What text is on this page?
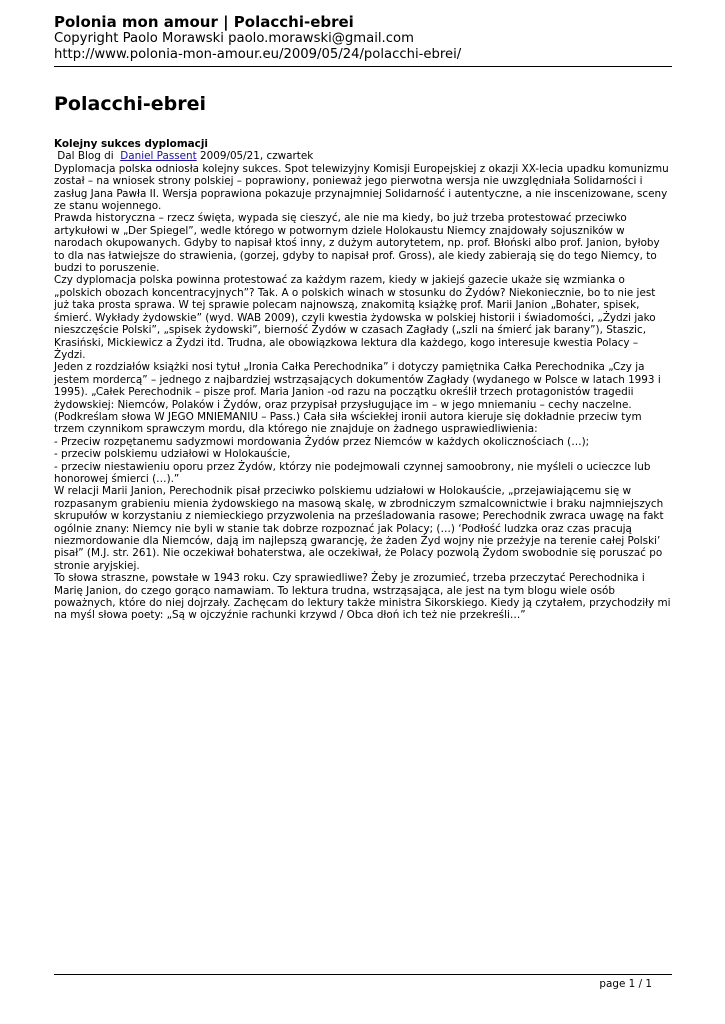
Polonia mon amour | Polacchi-ebrei
Copyright Paolo Morawski paolo.morawski@gmail.com
http://www.polonia-mon-amour.eu/2009/05/24/polacchi-ebrei/
Polacchi-ebrei

Kolejny sukces dyplomacji

Dal Blog di  Daniel Passent 2009/05/21, czwartek

Dyplomacja polska odniosła kolejny sukces. Spot telewizyjny Komisji Europejskiej z okazji XX-lecia upadku komunizmu został – na wniosek strony polskiej – poprawiony, ponieważ jego pierwotna wersja nie uwzględniała Solidarności i zasług Jana Pawła II. Wersja poprawiona pokazuje przynajmniej Solidarność i autentyczne, a nie inscenizowane, sceny ze stanu wojennego.

Prawda historyczna – rzecz święta, wypada się cieszyć, ale nie ma kiedy, bo już trzeba protestować przeciwko artykułowi w „Der Spiegel”, wedle którego w potwornym dziele Holokaustu Niemcy znajdowały sojuszników w narodach okupowanych. Gdyby to napisał ktoś inny, z dużym autorytetem, np. prof. Błoński albo prof. Janion, byłoby to dla nas łatwiejsze do strawienia, (gorzej, gdyby to napisał prof. Gross), ale kiedy zabierają się do tego Niemcy, to budzi to poruszenie.

Czy dyplomacja polska powinna protestować za każdym razem, kiedy w jakiejś gazecie ukaże się wzmianka o „polskich obozach koncentracyjnych”? Tak. A o polskich winach w stosunku do Żydów? Niekoniecznie, bo to nie jest już taka prosta sprawa. W tej sprawie polecam najnowszą, znakomitą książkę prof. Marii Janion „Bohater, spisek, śmierć. Wykłady żydowskie” (wyd. WAB 2009), czyli kwestia żydowska w polskiej historii i świadomości, „Żydzi jako nieszczęście Polski”, „spisek żydowski”, bierność Żydów w czasach Zagłady („szli na śmierć jak barany”), Staszic, Krasiński, Mickiewicz a Żydzi itd. Trudna, ale obowiązkowa lektura dla każdego, kogo interesuje kwestia Polacy – Żydzi.

Jeden z rozdziałów książki nosi tytuł „Ironia Całka Perechodnika” i dotyczy pamiętnika Całka Perechodnika „Czy ja jestem mordercą” – jednego z najbardziej wstrząsających dokumentów Zagłady (wydanego w Polsce w latach 1993 i 1995). „Całek Perechodnik – pisze prof. Maria Janion -od razu na początku określił trzech protagonistów tragedii żydowskiej: Niemców, Polaków i Żydów, oraz przypisał przysługujące im – w jego mniemaniu – cechy naczelne. (Podkreślam słowa W JEGO MNIEMANIU – Pass.) Cała siła wściekłej ironii autora kieruje się dokładnie przeciw tym trzem czynnikom sprawczym mordu, dla którego nie znajduje on żadnego usprawiedliwienia:

- Przeciw rozpętanemu sadyzmowi mordowania Żydów przez Niemców w każdych okolicznościach (…);

- przeciw polskiemu udziałowi w Holokauście,

- przeciw niestawieniu oporu przez Żydów, którzy nie podejmowali czynnej samoobrony, nie myśleli o ucieczce lub honorowej śmierci (…).”

W relacji Marii Janion, Perechodnik pisał przeciwko polskiemu udziałowi w Holokauście, „przejawiającemu się w rozpasanym grabieniu mienia żydowskiego na masową skalę, w zbrodniczym szmalcownictwie i braku najmniejszych skrupułów w korzystaniu z niemieckiego przyzwolenia na prześladowania rasowe; Perechodnik zwraca uwagę na fakt ogólnie znany: Niemcy nie byli w stanie tak dobrze rozpoznać jak Polacy; (…) ‘Podłość ludzka oraz czas pracują niezmordowanie dla Niemców, dają im najlepszą gwarancję, że żaden Żyd wojny nie przeżyje na terenie całej Polski’ pisał” (M.J. str. 261). Nie oczekiwał bohaterstwa, ale oczekiwał, że Polacy pozwolą Żydom swobodnie się poruszać po stronie aryjskiej.

To słowa straszne, powstałe w 1943 roku. Czy sprawiedliwe? Żeby je zrozumieć, trzeba przeczytać Perechodnika i Marię Janion, do czego gorąco namawiam. To lektura trudna, wstrząsająca, ale jest na tym blogu wiele osób poważnych, które do niej dojrzały. Zachęcam do lektury także ministra Sikorskiego. Kiedy ją czytałem, przychodziły mi na myśl słowa poety: „Są w ojczyźnie rachunki krzywd / Obca dłoń ich też nie przekreśli…”

page 1 / 1
